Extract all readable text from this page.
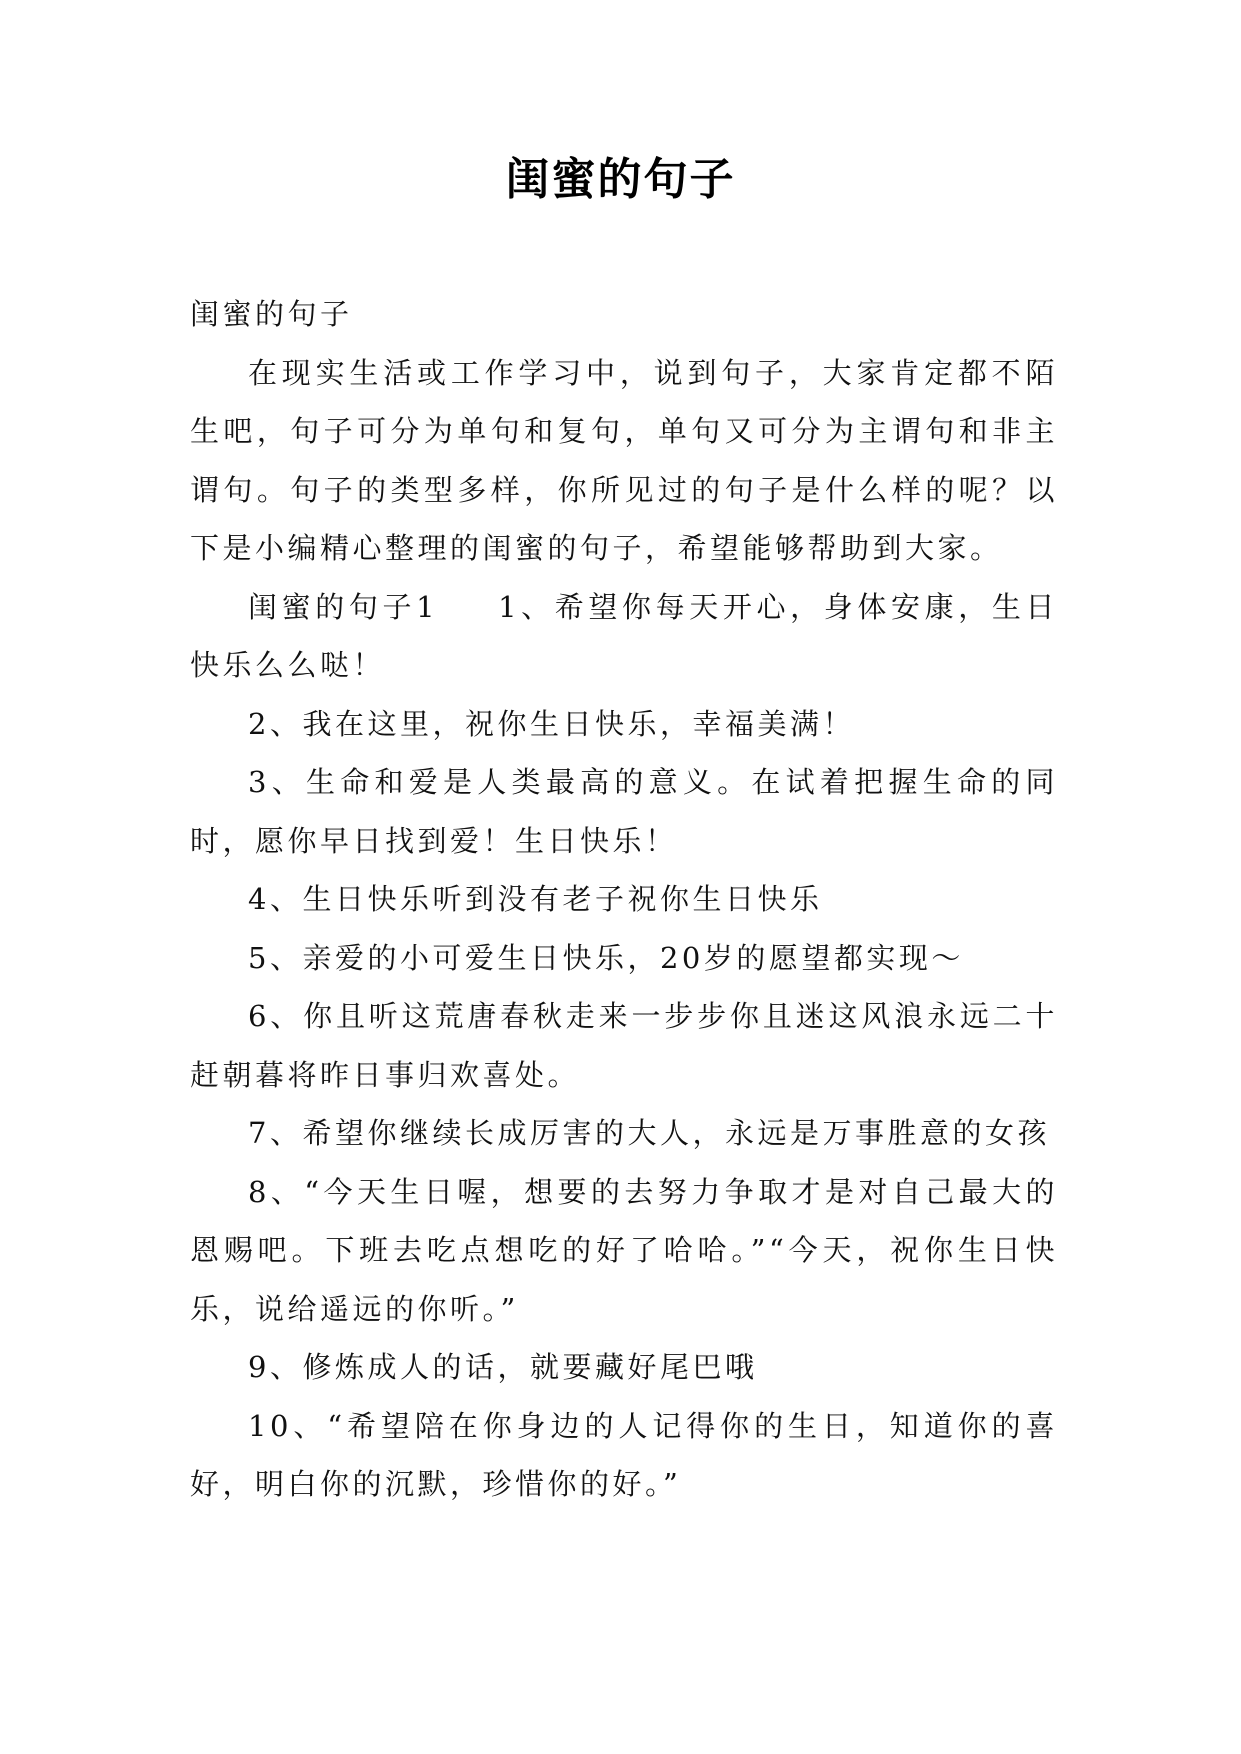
闺蜜的句子

闺蜜的句子

在现实生活或工作学习中，说到句子，大家肯定都不陌生吧，句子可分为单句和复句，单句又可分为主谓句和非主谓句。句子的类型多样，你所见过的句子是什么样的呢？以下是小编精心整理的闺蜜的句子，希望能够帮助到大家。

闺蜜的句子1 1、希望你每天开心，身体安康，生日快乐么么哒！

2、我在这里，祝你生日快乐，幸福美满！

3、生命和爱是人类最高的意义。在试着把握生命的同时，愿你早日找到爱！生日快乐！

4、生日快乐听到没有老子祝你生日快乐

5、亲爱的小可爱生日快乐，20岁的愿望都实现～

6、你且听这荒唐春秋走来一步步你且迷这风浪永远二十赶朝暮将昨日事归欢喜处。

7、希望你继续长成厉害的大人，永远是万事胜意的女孩

8、“今天生日喔，想要的去努力争取才是对自己最大的恩赐吧。下班去吃点想吃的好了哈哈。”“今天，祝你生日快乐，说给遥远的你听。”

9、修炼成人的话，就要藏好尾巴哦

10、“希望陪在你身边的人记得你的生日，知道你的喜好，明白你的沉默，珍惜你的好。”
